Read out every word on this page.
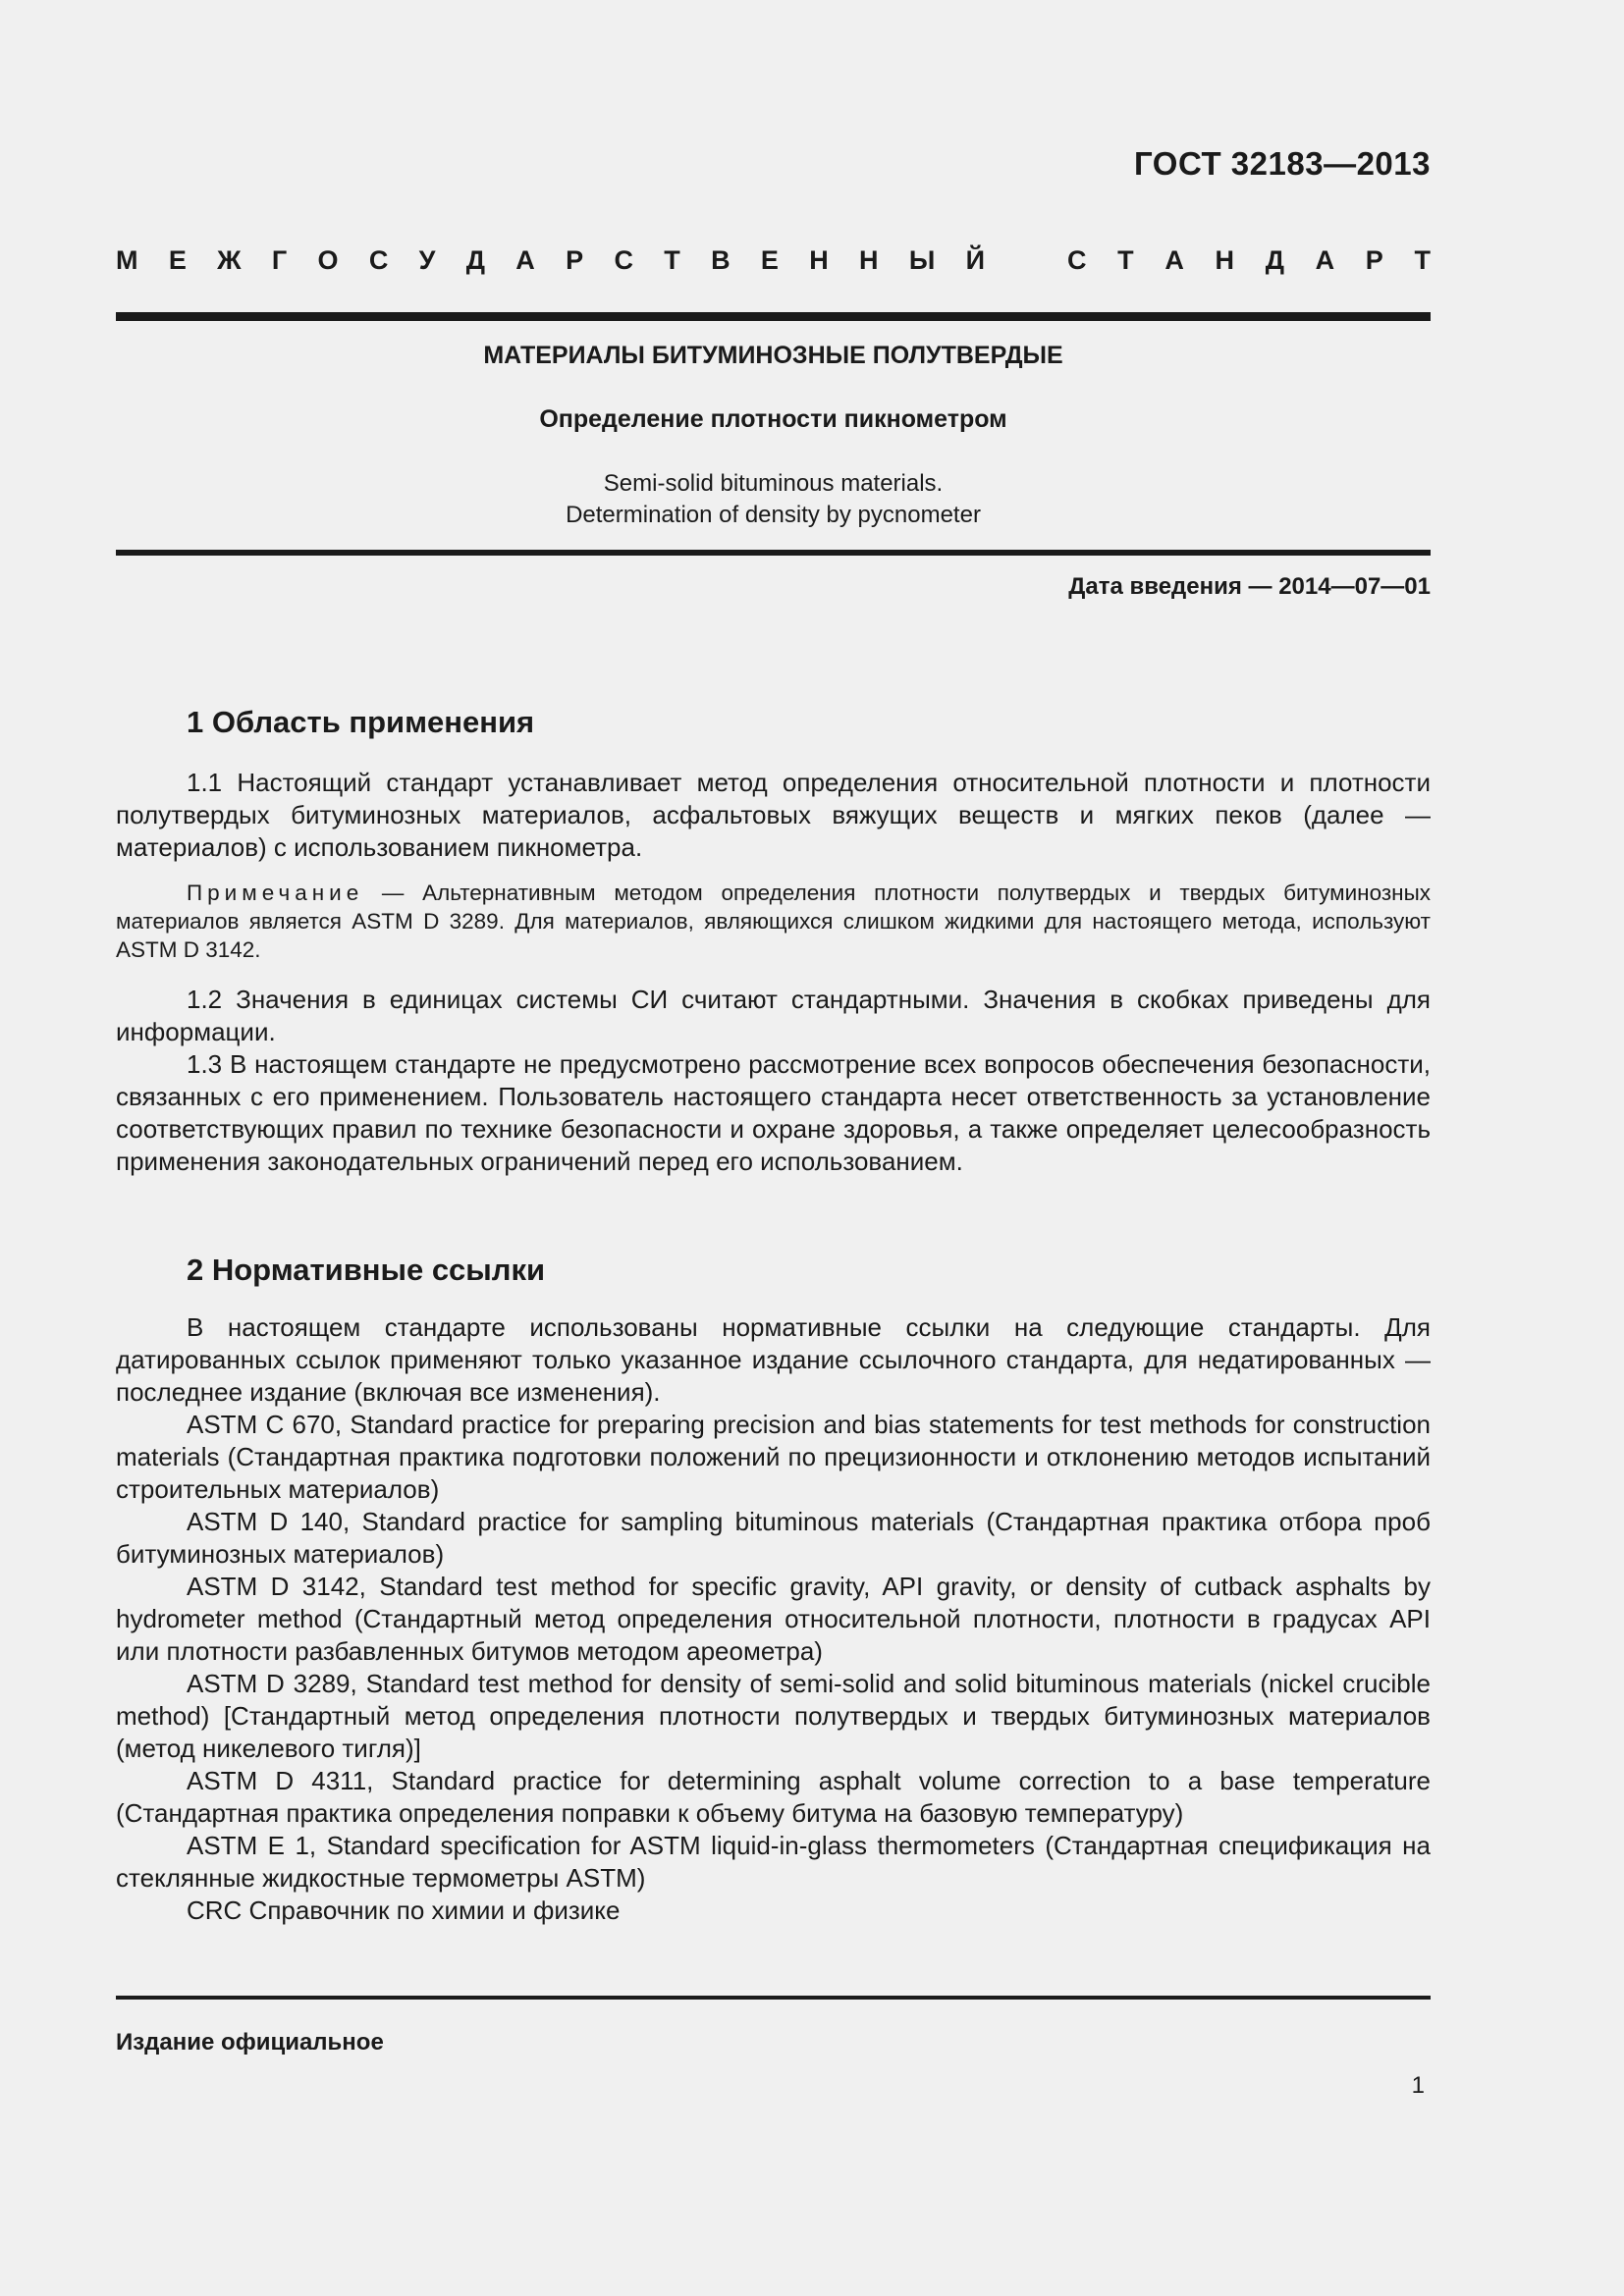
ГОСТ 32183—2013
М Е Ж Г О С У Д А Р С Т В Е Н Н Ы Й	С Т А Н Д А Р Т
МАТЕРИАЛЫ БИТУМИНОЗНЫЕ ПОЛУТВЕРДЫЕ
Определение плотности пикнометром
Semi-solid bituminous materials.
Determination of density by pycnometer
Дата введения — 2014—07—01
1 Область применения
1.1 Настоящий стандарт устанавливает метод определения относительной плотности и плотности полутвердых битуминозных материалов, асфальтовых вяжущих веществ и мягких пеков (далее — материалов) с использованием пикнометра.
Примечание — Альтернативным методом определения плотности полутвердых и твердых битуминозных материалов является ASTM D 3289. Для материалов, являющихся слишком жидкими для настоящего метода, используют ASTM D 3142.
1.2 Значения в единицах системы СИ считают стандартными. Значения в скобках приведены для информации.
1.3 В настоящем стандарте не предусмотрено рассмотрение всех вопросов обеспечения безопасности, связанных с его применением. Пользователь настоящего стандарта несет ответственность за установление соответствующих правил по технике безопасности и охране здоровья, а также определяет целесообразность применения законодательных ограничений перед его использованием.
2 Нормативные ссылки
В настоящем стандарте использованы нормативные ссылки на следующие стандарты. Для датированных ссылок применяют только указанное издание ссылочного стандарта, для недатированных — последнее издание (включая все изменения).
ASTM C 670, Standard practice for preparing precision and bias statements for test methods for construction materials (Стандартная практика подготовки положений по прецизионности и отклонению методов испытаний строительных материалов)
ASTM D 140, Standard practice for sampling bituminous materials (Стандартная практика отбора проб битуминозных материалов)
ASTM D 3142, Standard test method for specific gravity, API gravity, or density of cutback asphalts by hydrometer method (Стандартный метод определения относительной плотности, плотности в градусах API или плотности разбавленных битумов методом ареометра)
ASTM D 3289, Standard test method for density of semi-solid and solid bituminous materials (nickel crucible method) [Стандартный метод определения плотности полутвердых и твердых битуминозных материалов (метод никелевого тигля)]
ASTM D 4311, Standard practice for determining asphalt volume correction to a base temperature (Стандартная практика определения поправки к объему битума на базовую температуру)
ASTM E 1, Standard specification for ASTM liquid-in-glass thermometers (Стандартная спецификация на стеклянные жидкостные термометры ASTM)
CRC Справочник по химии и физике
Издание официальное
1
